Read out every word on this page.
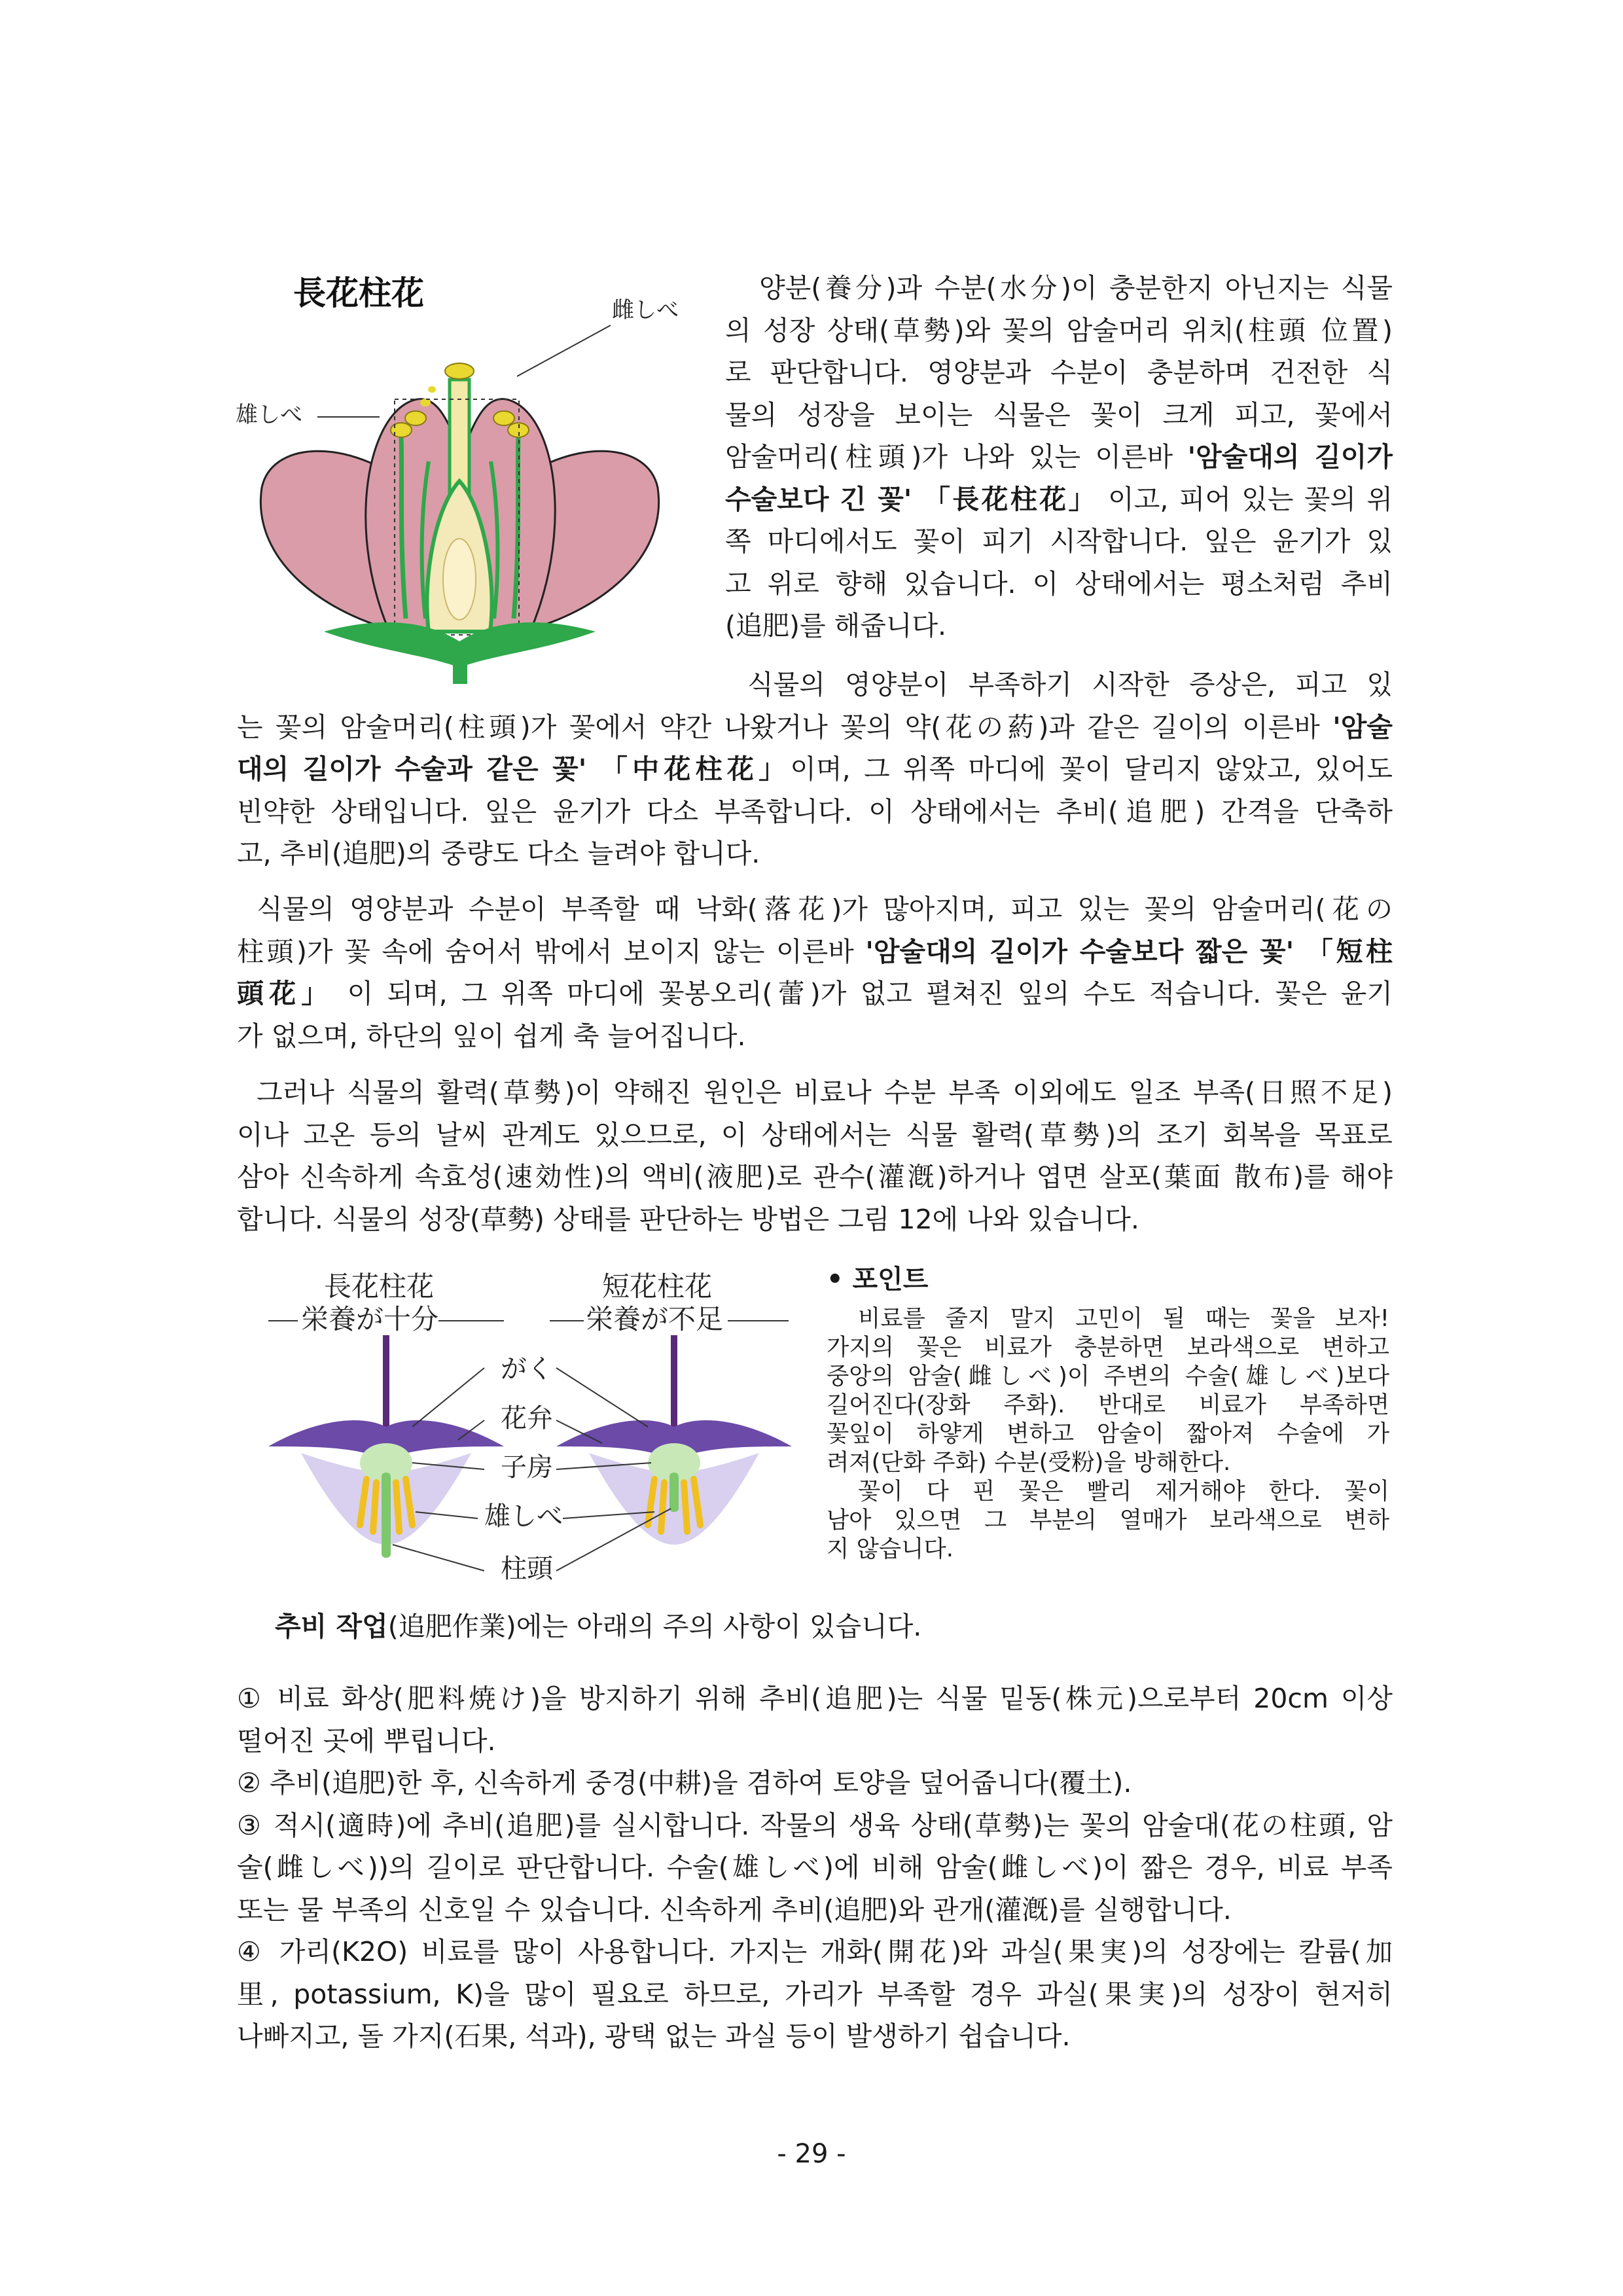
長花柱花	雌しべ
雄しべ
양분(養分)과 수분(水分)이 충분한지 아닌지는 식물
의 성장 상태(草勢)와 꽃의 암술머리 위치(柱頭 位置)
로 판단합니다. 영양분과 수분이 충분하며 건전한 식
물의 성장을 보이는 식물은 꽃이 크게 피고, 꽃에서
암술머리(柱頭)가 나와 있는 이른바 '암술대의 길이가
수술보다 긴 꽃' 「長花柱花」 이고, 피어 있는 꽃의 위
쪽 마디에서도 꽃이 피기 시작합니다. 잎은 윤기가 있
고 위로 향해 있습니다. 이 상태에서는 평소처럼 추비
(追肥)를 해줍니다.
식물의 영양분이 부족하기 시작한 증상은, 피고 있
는 꽃의 암술머리(柱頭)가 꽃에서 약간 나왔거나 꽃의 약(花の葯)과 같은 길이의 이른바 '암술
대의 길이가 수술과 같은 꽃' 「中花柱花」이며, 그 위쪽 마디에 꽃이 달리지 않았고, 있어도
빈약한 상태입니다. 잎은 윤기가 다소 부족합니다. 이 상태에서는 추비(追肥) 간격을 단축하
고, 추비(追肥)의 중량도 다소 늘려야 합니다.
식물의 영양분과 수분이 부족할 때 낙화(落花)가 많아지며, 피고 있는 꽃의 암술머리(花の
柱頭)가 꽃 속에 숨어서 밖에서 보이지 않는 이른바 '암술대의 길이가 수술보다 짧은 꽃' 「短柱
頭花」 이 되며, 그 위쪽 마디에 꽃봉오리(蕾)가 없고 펼쳐진 잎의 수도 적습니다. 꽃은 윤기
가 없으며, 하단의 잎이 쉽게 축 늘어집니다.
그러나 식물의 활력(草勢)이 약해진 원인은 비료나 수분 부족 이외에도 일조 부족(日照不足)
이나 고온 등의 날씨 관계도 있으므로, 이 상태에서는 식물 활력(草勢)의 조기 회복을 목표로
삼아 신속하게 속효성(速効性)의 액비(液肥)로 관수(灌漑)하거나 엽면 살포(葉面 散布)를 해야
합니다. 식물의 성장(草勢) 상태를 판단하는 방법은 그림 12에 나와 있습니다.
長花柱花
栄養が十分
短花柱花
栄養が不足
がく
花弁
子房
雄しべ
柱頭
• 포인트
비료를 줄지 말지 고민이 될 때는 꽃을 보자!
가지의 꽃은 비료가 충분하면 보라색으로 변하고
중앙의 암술(雌しべ)이 주변의 수술(雄しべ)보다
길어진다(장화 주화). 반대로 비료가 부족하면
꽃잎이 하얗게 변하고 암술이 짧아져 수술에 가
려져(단화 주화) 수분(受粉)을 방해한다.
꽃이 다 핀 꽃은 빨리 제거해야 한다. 꽃이
남아 있으면 그 부분의 열매가 보라색으로 변하
지 않습니다.
추비 작업(追肥作業)에는 아래의 주의 사항이 있습니다.
① 비료 화상(肥料焼け)을 방지하기 위해 추비(追肥)는 식물 밑동(株元)으로부터 20cm 이상
떨어진 곳에 뿌립니다.
② 추비(追肥)한 후, 신속하게 중경(中耕)을 겸하여 토양을 덮어줍니다(覆土).
③ 적시(適時)에 추비(追肥)를 실시합니다. 작물의 생육 상태(草勢)는 꽃의 암술대(花の柱頭, 암
술(雌しべ))의 길이로 판단합니다. 수술(雄しべ)에 비해 암술(雌しべ)이 짧은 경우, 비료 부족
또는 물 부족의 신호일 수 있습니다. 신속하게 추비(追肥)와 관개(灌漑)를 실행합니다.
④ 가리(K2O) 비료를 많이 사용합니다. 가지는 개화(開花)와 과실(果実)의 성장에는 칼륨(加
里, potassium, K)을 많이 필요로 하므로, 가리가 부족할 경우 과실(果実)의 성장이 현저히
나빠지고, 돌 가지(石果, 석과), 광택 없는 과실 등이 발생하기 쉽습니다.
- 29 -
